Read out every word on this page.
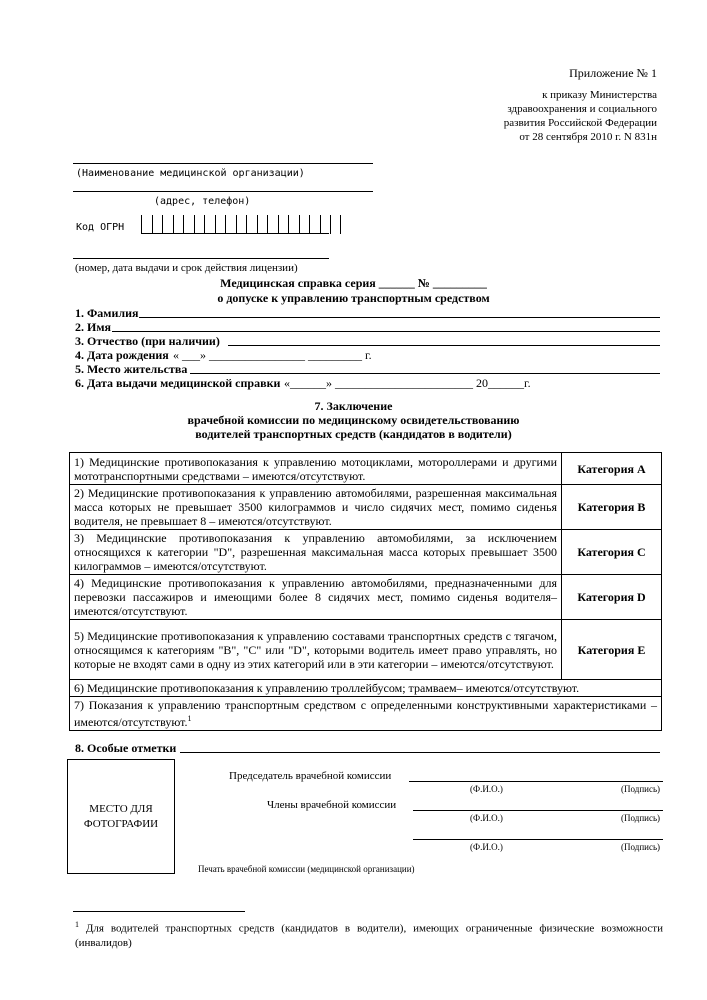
Приложение № 1
к приказу Министерства
здравоохранения и социального
развития Российской Федерации
от 28 сентября 2010 г. N 831н
(Наименование медицинской организации)
(адрес, телефон)
Код ОГРН
(номер, дата выдачи и срок действия лицензии)
Медицинская справка серия ______ № _________
о допуске к управлению транспортным средством
1. Фамилия
2. Имя
3. Отчество (при наличии)
4. Дата рождения « ___» ________________ _________ г.
5. Место жительства
6. Дата выдачи медицинской справки «______» _______________________ 20______г.
7. Заключение
врачебной комиссии по медицинскому освидетельствованию
водителей транспортных средств (кандидатов в водители)
1) Медицинские противопоказания к управлению мотоциклами, мотороллерами и другими мототранспортными средствами – имеются/отсутствуют.	Категория А
2) Медицинские противопоказания к управлению автомобилями, разрешенная максимальная масса которых не превышает 3500 килограммов и число сидячих мест, помимо сиденья водителя, не превышает 8 – имеются/отсутствуют.	Категория В
3) Медицинские противопоказания к управлению автомобилями, за исключением относящихся к категории "D", разрешенная максимальная масса которых превышает 3500 килограммов – имеются/отсутствуют.	Категория С
4) Медицинские противопоказания к управлению автомобилями, предназначенными для перевозки пассажиров и имеющими более 8 сидячих мест, помимо сиденья водителя– имеются/отсутствуют.	Категория D
5) Медицинские противопоказания к управлению составами транспортных средств с тягачом, относящимся к категориям "В", "С" или "D", которыми водитель имеет право управлять, но которые не входят сами в одну из этих категорий или в эти категории – имеются/отсутствуют.	Категория Е
6) Медицинские противопоказания к управлению троллейбусом; трамваем– имеются/отсутствуют.	
7) Показания к управлению транспортным средством с определенными конструктивными характеристиками – имеются/отсутствуют.$^1$
8. Особые отметки
МЕСТО ДЛЯ
ФОТОГРАФИИ
Председатель врачебной комиссии
(Ф.И.О.)	(Подпись)
Члены врачебной комиссии
(Ф.И.О.)	(Подпись)
(Ф.И.О.)	(Подпись)
Печать врачебной комиссии (медицинской организации)
$^1$ Для водителей транспортных средств (кандидатов в водители), имеющих ограниченные физические возможности (инвалидов)
